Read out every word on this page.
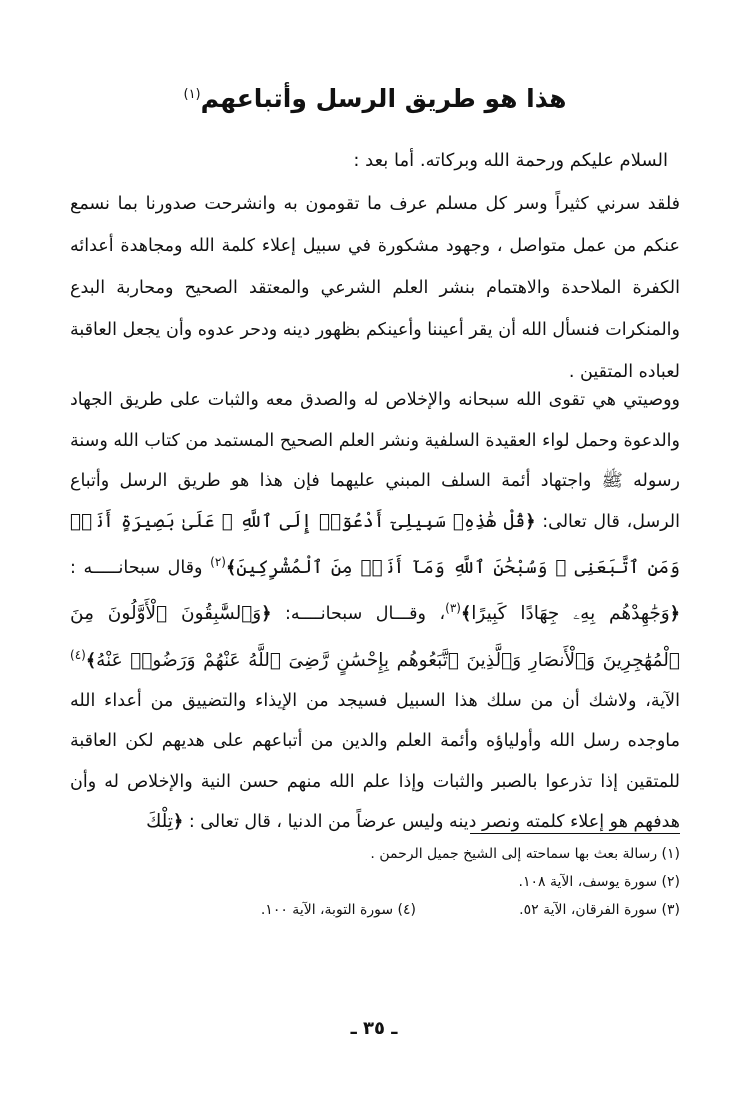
هذا هو طريق الرسل وأتباعهم$^{(١)}$
السلام عليكم ورحمة الله وبركاته. أما بعد :
فلقد سرني كثيراً وسر كل مسلم عرف ما تقومون به وانشرحت صدورنا بما نسمع عنكم من عمل متواصل ، وجهود مشكورة في سبيل إعلاء كلمة الله ومجاهدة أعدائه الكفرة الملاحدة والاهتمام بنشر العلم الشرعي والمعتقد الصحيح ومحاربة البدع والمنكرات فنسأل الله أن يقر أعيننا وأعينكم بظهور دينه ودحر عدوه وأن يجعل العاقبة لعباده المتقين .
ووصيتي هي تقوى الله سبحانه والإخلاص له والصدق معه والثبات على طريق الجهاد والدعوة وحمل لواء العقيدة السلفية ونشر العلم الصحيح المستمد من كتاب الله وسنة رسوله ﷺ واجتهاد أئمة السلف المبني عليهما فإن هذا هو طريق الرسل وأتباع الرسل، قال تعالى: ﴿قُلْ هَٰذِهِۦ سَبِيلِىٓ أَدْعُوٓا۟ إِلَى ٱللَّهِ ۚ عَلَىٰ بَصِيرَةٍ أَنَا۠ وَمَنِ ٱتَّبَعَنِى ۖ وَسُبْحَٰنَ ٱللَّهِ وَمَآ أَنَا۠ مِنَ ٱلْمُشْرِكِينَ﴾$^{(٢)}$ وقال سبحانـــــه : ﴿وَجَٰهِدْهُم بِهِۦ جِهَادًا كَبِيرًا﴾$^{(٣)}$، وقـــال سبحانــــه: ﴿وَٱلسَّٰبِقُونَ ٱلْأَوَّلُونَ مِنَ ٱلْمُهَٰجِرِينَ وَٱلْأَنصَارِ وَٱلَّذِينَ ٱتَّبَعُوهُم بِإِحْسَٰنٍ رَّضِىَ ٱللَّهُ عَنْهُمْ وَرَضُوا۟ عَنْهُ﴾$^{(٤)}$ الآية، ولاشك أن من سلك هذا السبيل فسيجد من الإيذاء والتضييق من أعداء الله ماوجده رسل الله وأولياؤه وأئمة العلم والدين من أتباعهم على هديهم لكن العاقبة للمتقين إذا تذرعوا بالصبر والثبات وإذا علم الله منهم حسن النية والإخلاص له وأن هدفهم هو إعلاء كلمته ونصر دينه وليس عرضاً من الدنيا ، قال تعالى : ﴿تِلْكَ
(١) رسالة بعث بها سماحته إلى الشيخ جميل الرحمن .
(٢) سورة يوسف، الآية ١٠٨.
(٣) سورة الفرقان، الآية ٥٢.
(٤) سورة التوبة، الآية ١٠٠.
ـ ٣٥ ـ
